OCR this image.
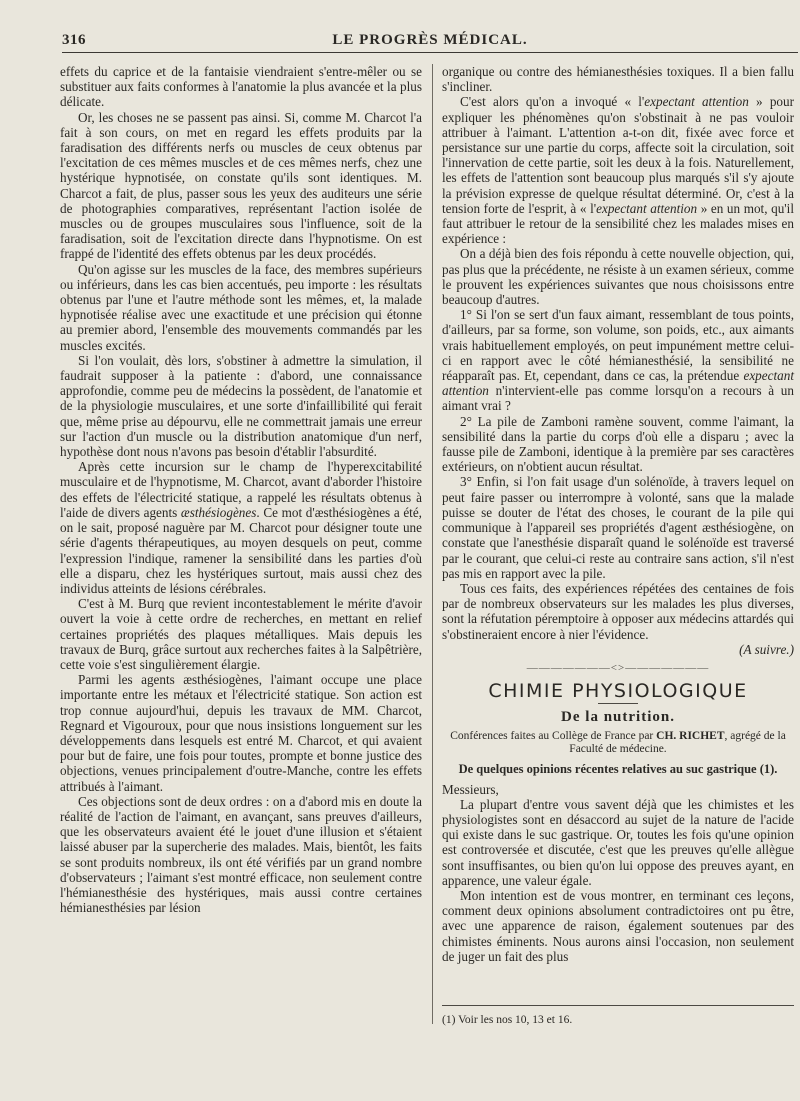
316	LE PROGRÈS MÉDICAL.

effets du caprice et de la fantaisie viendraient s'entre-mêler ou se substituer aux faits conformes à l'anatomie la plus avancée et la plus délicate.

Or, les choses ne se passent pas ainsi. Si, comme M. Charcot l'a fait à son cours, on met en regard les effets produits par la faradisation des différents nerfs ou muscles de ceux obtenus par l'excitation de ces mêmes muscles et de ces mêmes nerfs, chez une hystérique hypnotisée, on constate qu'ils sont identiques. M. Charcot a fait, de plus, passer sous les yeux des auditeurs une série de photographies comparatives, représentant l'action isolée de muscles ou de groupes musculaires sous l'influence, soit de la faradisation, soit de l'excitation directe dans l'hypnotisme. On est frappé de l'identité des effets obtenus par les deux procédés.

Qu'on agisse sur les muscles de la face, des membres supérieurs ou inférieurs, dans les cas bien accentués, peu importe : les résultats obtenus par l'une et l'autre méthode sont les mêmes, et, la malade hypnotisée réalise avec une exactitude et une précision qui étonne au premier abord, l'ensemble des mouvements commandés par les muscles excités.

Si l'on voulait, dès lors, s'obstiner à admettre la simulation, il faudrait supposer à la patiente : d'abord, une connaissance approfondie, comme peu de médecins la possèdent, de l'anatomie et de la physiologie musculaires, et une sorte d'infaillibilité qui ferait que, même prise au dépourvu, elle ne commettrait jamais une erreur sur l'action d'un muscle ou la distribution anatomique d'un nerf, hypothèse dont nous n'avons pas besoin d'établir l'absurdité.

Après cette incursion sur le champ de l'hyperexcitabilité musculaire et de l'hypnotisme, M. Charcot, avant d'aborder l'histoire des effets de l'électricité statique, a rappelé les résultats obtenus à l'aide de divers agents æsthésiogènes. Ce mot d'æsthésiogènes a été, on le sait, proposé naguère par M. Charcot pour désigner toute une série d'agents thérapeutiques, au moyen desquels on peut, comme l'expression l'indique, ramener la sensibilité dans les parties d'où elle a disparu, chez les hystériques surtout, mais aussi chez des individus atteints de lésions cérébrales.

C'est à M. Burq que revient incontestablement le mérite d'avoir ouvert la voie à cette ordre de recherches, en mettant en relief certaines propriétés des plaques métalliques. Mais depuis les travaux de Burq, grâce surtout aux recherches faites à la Salpêtrière, cette voie s'est singulièrement élargie.

Parmi les agents æsthésiogènes, l'aimant occupe une place importante entre les métaux et l'électricité statique. Son action est trop connue aujourd'hui, depuis les travaux de MM. Charcot, Regnard et Vigouroux, pour que nous insistions longuement sur les développements dans lesquels est entré M. Charcot, et qui avaient pour but de faire, une fois pour toutes, prompte et bonne justice des objections, venues principalement d'outre-Manche, contre les effets attribués à l'aimant.

Ces objections sont de deux ordres : on a d'abord mis en doute la réalité de l'action de l'aimant, en avançant, sans preuves d'ailleurs, que les observateurs avaient été le jouet d'une illusion et s'étaient laissé abuser par la supercherie des malades. Mais, bientôt, les faits se sont produits nombreux, ils ont été vérifiés par un grand nombre d'observateurs ; l'aimant s'est montré efficace, non seulement contre l'hémianesthésie des hystériques, mais aussi contre certaines hémianesthésies par lésion

organique ou contre des hémianesthésies toxiques. Il a bien fallu s'incliner.

C'est alors qu'on a invoqué « l'expectant attention » pour expliquer les phénomènes qu'on s'obstinait à ne pas vouloir attribuer à l'aimant. L'attention a-t-on dit, fixée avec force et persistance sur une partie du corps, affecte soit la circulation, soit l'innervation de cette partie, soit les deux à la fois. Naturellement, les effets de l'attention sont beaucoup plus marqués s'il s'y ajoute la prévision expresse de quelque résultat déterminé. Or, c'est à la tension forte de l'esprit, à « l'expectant attention » en un mot, qu'il faut attribuer le retour de la sensibilité chez les malades mises en expérience :

On a déjà bien des fois répondu à cette nouvelle objection, qui, pas plus que la précédente, ne résiste à un examen sérieux, comme le prouvent les expériences suivantes que nous choisissons entre beaucoup d'autres.

1° Si l'on se sert d'un faux aimant, ressemblant de tous points, d'ailleurs, par sa forme, son volume, son poids, etc., aux aimants vrais habituellement employés, on peut impunément mettre celui-ci en rapport avec le côté hémianesthésié, la sensibilité ne réapparaît pas. Et, cependant, dans ce cas, la prétendue expectant attention n'intervient-elle pas comme lorsqu'on a recours à un aimant vrai ?

2° La pile de Zamboni ramène souvent, comme l'aimant, la sensibilité dans la partie du corps d'où elle a disparu ; avec la fausse pile de Zamboni, identique à la première par ses caractères extérieurs, on n'obtient aucun résultat.

3° Enfin, si l'on fait usage d'un solénoïde, à travers lequel on peut faire passer ou interrompre à volonté, sans que la malade puisse se douter de l'état des choses, le courant de la pile qui communique à l'appareil ses propriétés d'agent æsthésiogène, on constate que l'anesthésie disparaît quand le solénoïde est traversé par le courant, que celui-ci reste au contraire sans action, s'il n'est pas mis en rapport avec la pile.

Tous ces faits, des expériences répétées des centaines de fois par de nombreux observateurs sur les malades les plus diverses, sont la réfutation péremptoire à opposer aux médecins attardés qui s'obstineraient encore à nier l'évidence.

(A suivre.)

———————<>———————
CHIMIE PHYSIOLOGIQUE
De la nutrition.
Conférences faites au Collège de France par CH. RICHET, agrégé de la Faculté de médecine.
De quelques opinions récentes relatives au suc gastrique (1).

Messieurs,

La plupart d'entre vous savent déjà que les chimistes et les physiologistes sont en désaccord au sujet de la nature de l'acide qui existe dans le suc gastrique. Or, toutes les fois qu'une opinion est controversée et discutée, c'est que les preuves qu'elle allègue sont insuffisantes, ou bien qu'on lui oppose des preuves ayant, en apparence, une valeur égale.

Mon intention est de vous montrer, en terminant ces leçons, comment deux opinions absolument contradictoires ont pu être, avec une apparence de raison, également soutenues par des chimistes éminents. Nous aurons ainsi l'occasion, non seulement de juger un fait des plus

(1) Voir les nos 10, 13 et 16.
